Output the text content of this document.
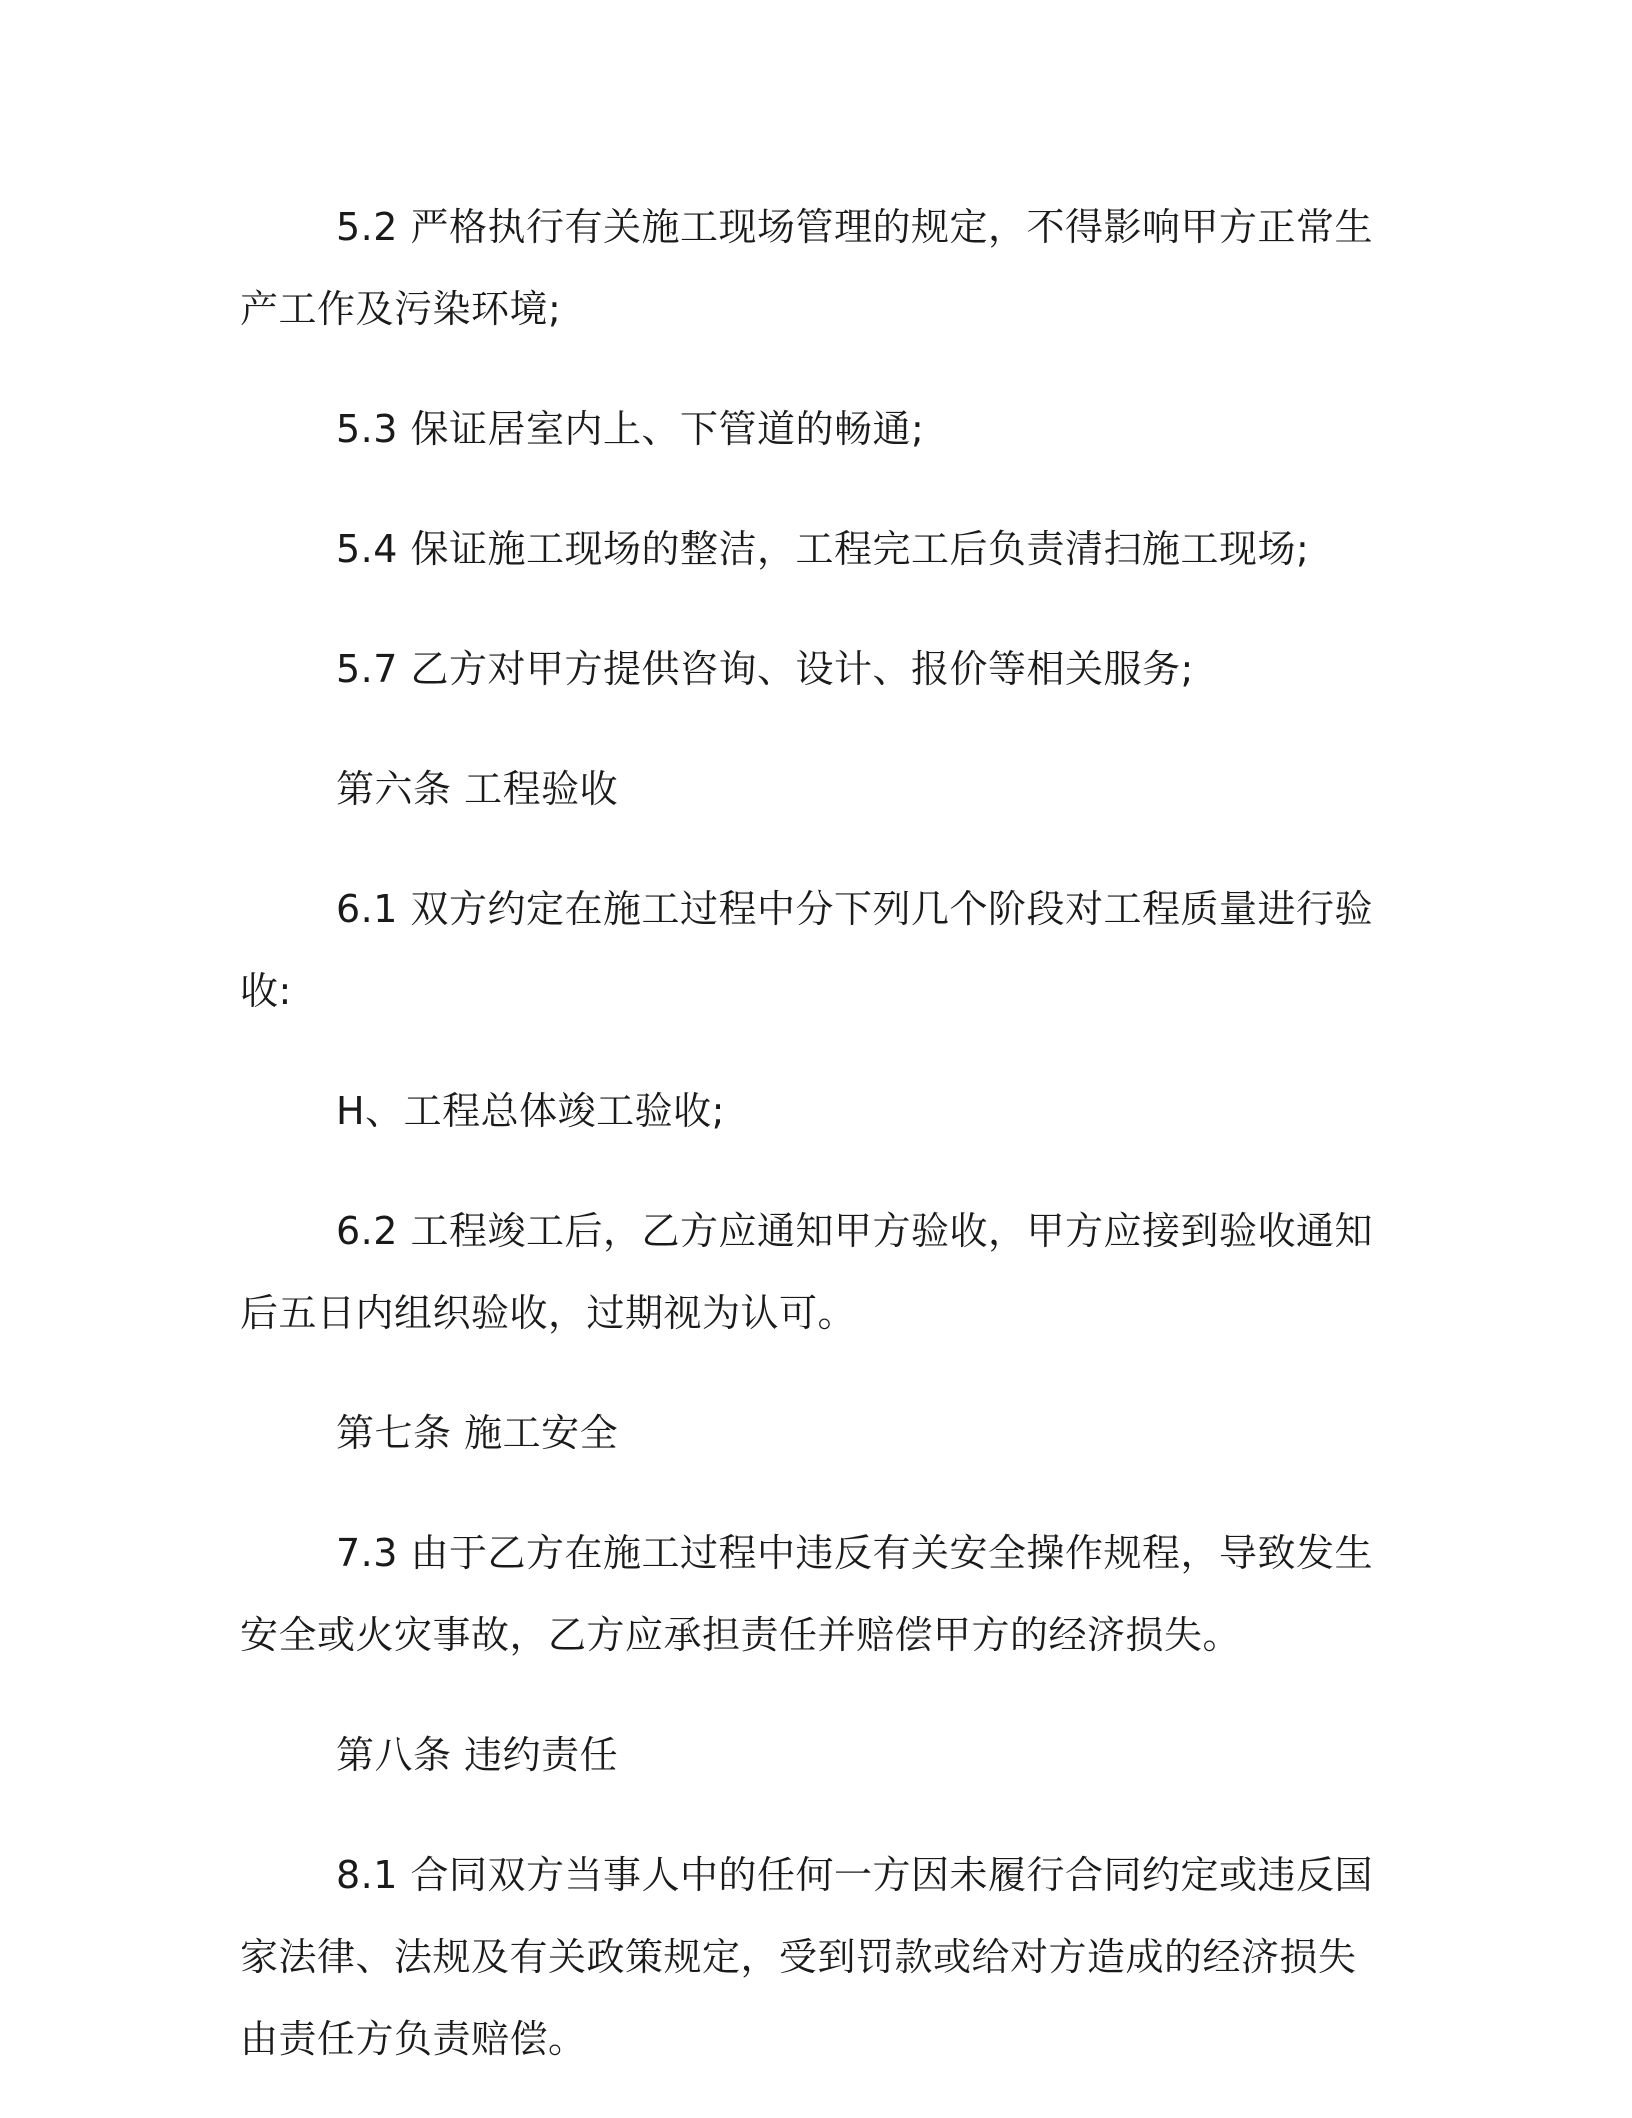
5.2 严格执行有关施工现场管理的规定，不得影响甲方正常生产工作及污染环境;

5.3 保证居室内上、下管道的畅通;

5.4 保证施工现场的整洁，工程完工后负责清扫施工现场;

5.7 乙方对甲方提供咨询、设计、报价等相关服务;

第六条 工程验收

6.1 双方约定在施工过程中分下列几个阶段对工程质量进行验收:

H、工程总体竣工验收;

6.2 工程竣工后，乙方应通知甲方验收，甲方应接到验收通知后五日内组织验收，过期视为认可。

第七条 施工安全

7.3 由于乙方在施工过程中违反有关安全操作规程，导致发生安全或火灾事故，乙方应承担责任并赔偿甲方的经济损失。

第八条 违约责任

8.1 合同双方当事人中的任何一方因未履行合同约定或违反国家法律、法规及有关政策规定，受到罚款或给对方造成的经济损失由责任方负责赔偿。
